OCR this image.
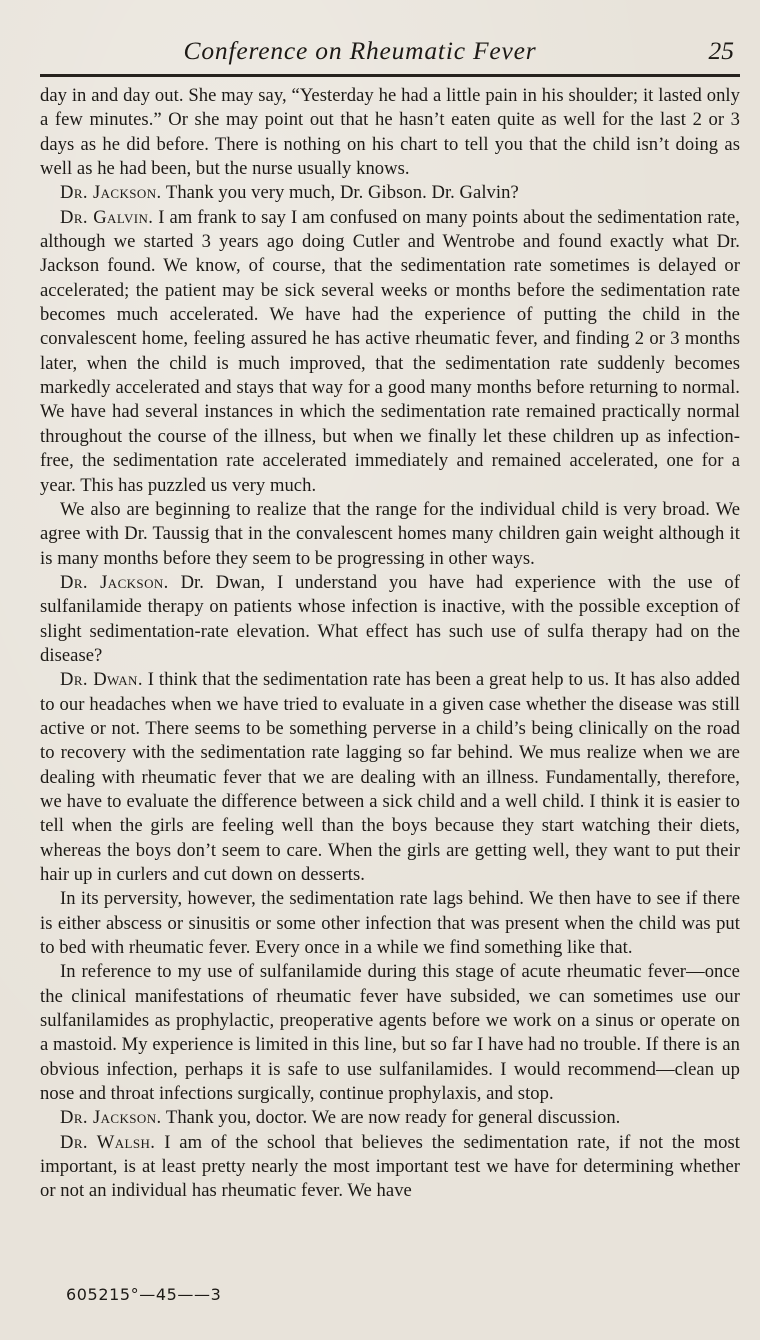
Conference on Rheumatic Fever	25

day in and day out. She may say, “Yesterday he had a little pain in his shoulder; it lasted only a few minutes.” Or she may point out that he hasn’t eaten quite as well for the last 2 or 3 days as he did before. There is nothing on his chart to tell you that the child isn’t doing as well as he had been, but the nurse usually knows.

Dr. Jackson. Thank you very much, Dr. Gibson. Dr. Galvin?

Dr. Galvin. I am frank to say I am confused on many points about the sedimentation rate, although we started 3 years ago doing Cutler and Wentrobe and found exactly what Dr. Jackson found. We know, of course, that the sedimentation rate sometimes is delayed or accelerated; the patient may be sick several weeks or months before the sedimentation rate becomes much accelerated. We have had the experience of putting the child in the convalescent home, feeling assured he has active rheumatic fever, and finding 2 or 3 months later, when the child is much improved, that the sedimentation rate suddenly becomes markedly accelerated and stays that way for a good many months before returning to normal. We have had several instances in which the sedimentation rate remained practically normal throughout the course of the illness, but when we finally let these children up as infection-free, the sedimentation rate accelerated immediately and remained accelerated, one for a year. This has puzzled us very much.

We also are beginning to realize that the range for the individual child is very broad. We agree with Dr. Taussig that in the convalescent homes many children gain weight although it is many months before they seem to be progressing in other ways.

Dr. Jackson. Dr. Dwan, I understand you have had experience with the use of sulfanilamide therapy on patients whose infection is inactive, with the possible exception of slight sedimentation-rate elevation. What effect has such use of sulfa therapy had on the disease?

Dr. Dwan. I think that the sedimentation rate has been a great help to us. It has also added to our headaches when we have tried to evaluate in a given case whether the disease was still active or not. There seems to be something perverse in a child’s being clinically on the road to recovery with the sedimentation rate lagging so far behind. We mus realize when we are dealing with rheumatic fever that we are dealing with an illness. Fundamentally, therefore, we have to evaluate the difference between a sick child and a well child. I think it is easier to tell when the girls are feeling well than the boys because they start watching their diets, whereas the boys don’t seem to care. When the girls are getting well, they want to put their hair up in curlers and cut down on desserts.

In its perversity, however, the sedimentation rate lags behind. We then have to see if there is either abscess or sinusitis or some other infection that was present when the child was put to bed with rheumatic fever. Every once in a while we find something like that.

In reference to my use of sulfanilamide during this stage of acute rheumatic fever—once the clinical manifestations of rheumatic fever have subsided, we can sometimes use our sulfanilamides as prophylactic, preoperative agents before we work on a sinus or operate on a mastoid. My experience is limited in this line, but so far I have had no trouble. If there is an obvious infection, perhaps it is safe to use sulfanilamides. I would recommend—clean up nose and throat infections surgically, continue prophylaxis, and stop.

Dr. Jackson. Thank you, doctor. We are now ready for general discussion.

Dr. Walsh. I am of the school that believes the sedimentation rate, if not the most important, is at least pretty nearly the most important test we have for determining whether or not an individual has rheumatic fever. We have

605215°—45——3
